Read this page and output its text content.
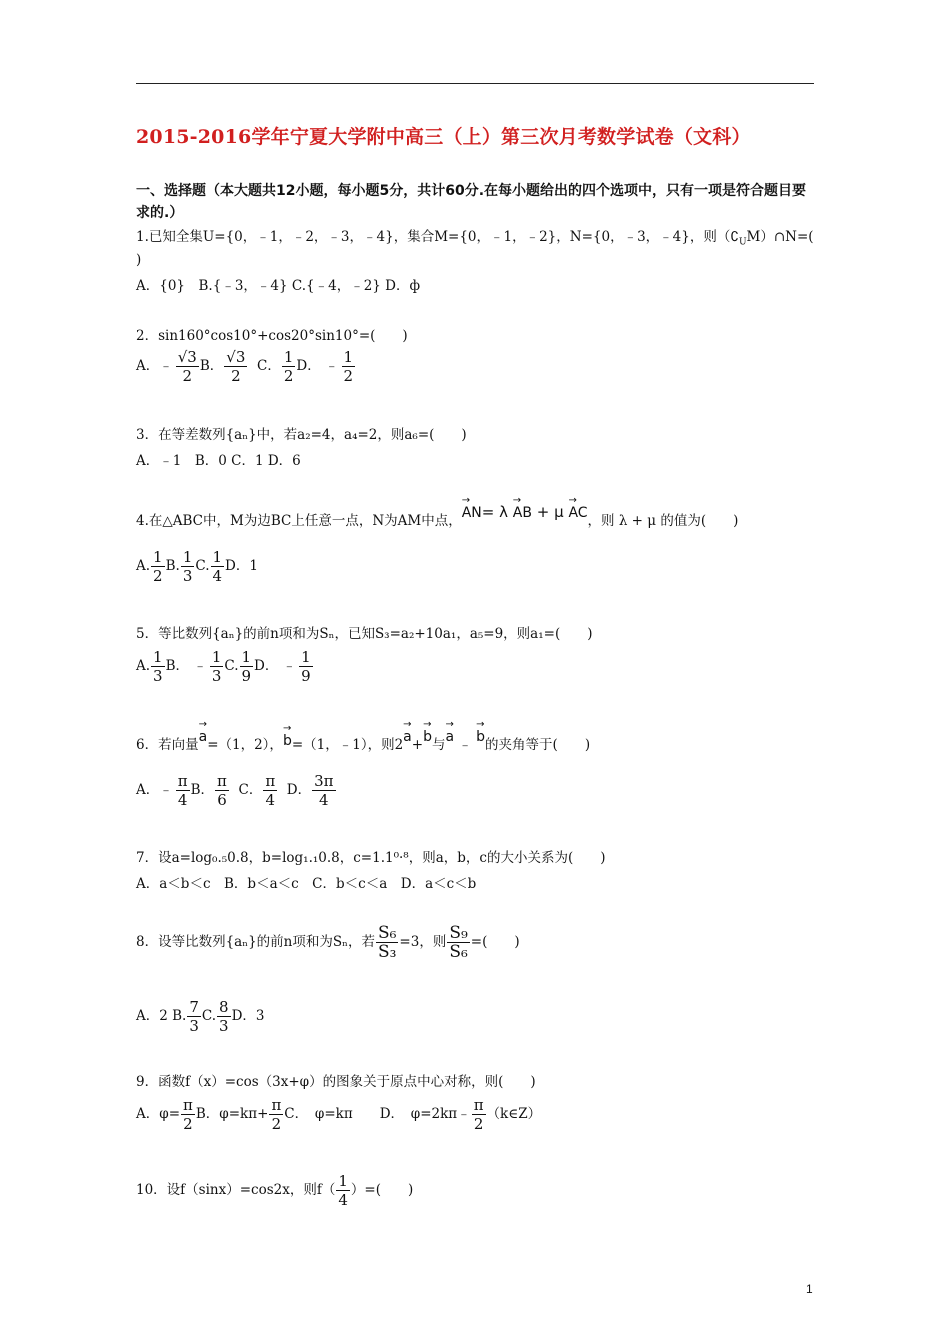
2015-2016学年宁夏大学附中高三（上）第三次月考数学试卷（文科）
一、选择题（本大题共12小题，每小题5分，共计60分.在每小题给出的四个选项中，只有一项是符合题目要求的.）
1.已知全集U={0，﹣1，﹣2，﹣3，﹣4}，集合M={0，﹣1，﹣2}，N={0，﹣3，﹣4}，则$(∁_UM)\cap N=$(
)
A．{0}　B.{﹣3，﹣4} C.{﹣4，﹣2} D．ф
2．sin160°cos10°+cos20°sin10°=(　　)
A．﹣ $\frac{√3}{2}$ B． $\frac{√3}{2}$ C． $\frac{1}{2}$ D． ﹣ $\frac{1}{2}$
3．在等差数列{aₙ}中，若a₂=4，a₄=2，则a₆=(　　)
A．﹣1　B．0 C．1 D．6
4.在△ABC中，M为边BC上任意一点，N为AM中点，→ AN= λ → AB + μ → AC，则 λ + μ 的值为(　　)
A. $\frac{1}{2} B$. $\frac{1}{3} C$. $\frac{1}{4}$ D．1
5．等比数列{aₙ}的前n项和为Sₙ，已知S₃=a₂+10a₁，a₅=9，则a₁=(　　)
A. $\frac{1}{3}$ B． ﹣ $\frac{1}{3} C$. $\frac{1}{9}$ D． ﹣ $\frac{1}{9}$
6．若向量→ a=（1，2），→ b=（1，﹣1），则2→ a+→ b与→ a ﹣ → b的夹角等于(　　)
A．﹣ $\frac{\pi}{4}$ B． $\frac{\pi}{6}$ C． $\frac{\pi}{4}$ D． $\frac{3\pi}{4}$
7．设a=log₀.₅0.8，b=log₁.₁0.8，c=1.1⁰·⁸，则a，b，c的大小关系为(　　)
A．a＜b＜c　B．b＜a＜c　C．b＜c＜a　D．a＜c＜b
8．设等比数列{aₙ}的前n项和为Sₙ，若 $\frac{\text{S₆}}{\text{S₃}} =3$，则 $\frac{\text{S₉}}{\text{S₆}}$ =(　　)
A．2 B. $\frac{7}{3} C$. $\frac{8}{3}$ D．3
9．函数f（x）=cos（3x+φ）的图象关于原点中心对称，则(　　)
A．$\varphi= \frac{\pi}{2}$ B．$\varphi=k\pi+ \frac{\pi}{2}$ C．　φ=kπ　　D．　φ=2kπ﹣ $\frac{\pi}{2}$ （k∈Z）
10．设f（sinx）=cos2x，则$f( \frac{1}{4}$ ）=(　　)
1
